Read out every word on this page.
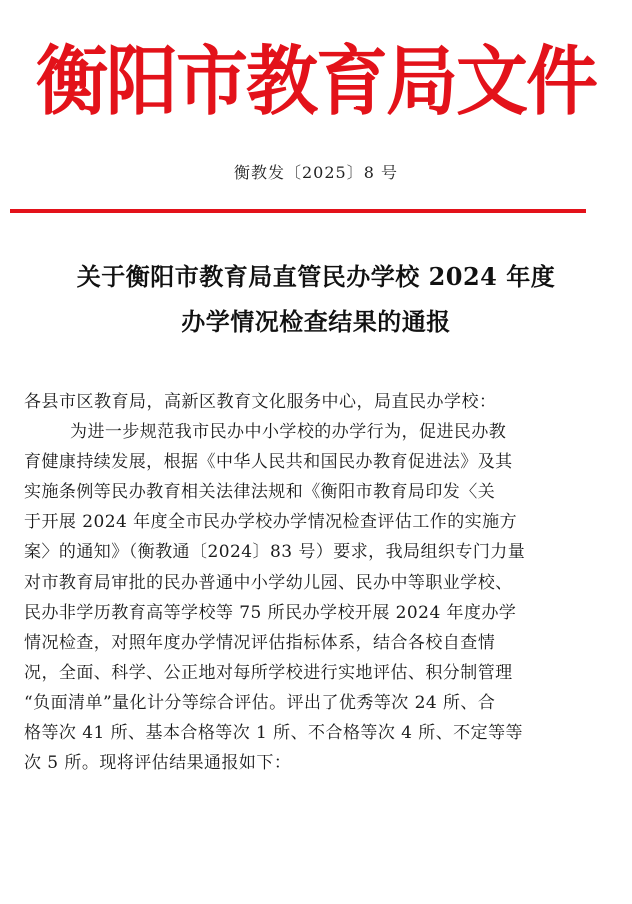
衡阳市教育局文件
衡教发〔2025〕8 号
关于衡阳市教育局直管民办学校 2024 年度
办学情况检查结果的通报

各县市区教育局，高新区教育文化服务中心，局直民办学校：

为进一步规范我市民办中小学校的办学行为，促进民办教

育健康持续发展，根据《中华人民共和国民办教育促进法》及其

实施条例等民办教育相关法律法规和《衡阳市教育局印发〈关

于开展 2024 年度全市民办学校办学情况检查评估工作的实施方

案〉的通知》（衡教通〔2024〕83 号）要求，我局组织专门力量

对市教育局审批的民办普通中小学幼儿园、民办中等职业学校、

民办非学历教育高等学校等 75 所民办学校开展 2024 年度办学

情况检查，对照年度办学情况评估指标体系，结合各校自查情

况，全面、科学、公正地对每所学校进行实地评估、积分制管理

“负面清单”量化计分等综合评估。评出了优秀等次 24 所、合

格等次 41 所、基本合格等次 1 所、不合格等次 4 所、不定等等

次 5 所。现将评估结果通报如下：
